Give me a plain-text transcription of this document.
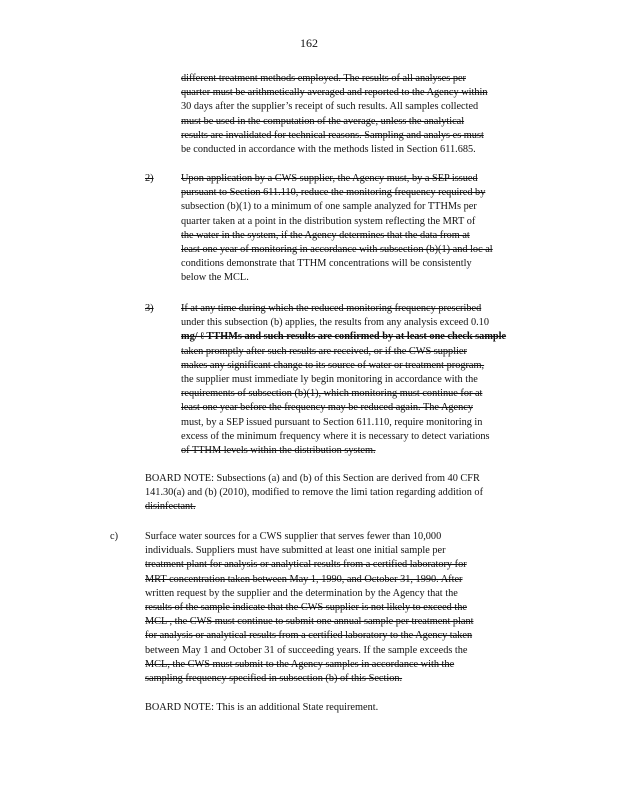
162
different treatment methods employed. The results of all analyses per
quarter must be arithmetically averaged and reported to the Agency within
30 days after the supplier’s receipt of such results. All samples collected
must be used in the computation of the average, unless the analytical
results are invalidated for technical reasons. Sampling and analys es must
be conducted in accordance with the methods listed in Section 611.685.
2)	Upon application by a CWS supplier, the Agency must, by a SEP issued
pursuant to Section 611.110, reduce the monitoring frequency required by
subsection (b)(1) to a minimum of one sample analyzed for TTHMs per
quarter taken at a point in the distribution system reflecting the MRT of
the water in the system, if the Agency determines that the data from at
least one year of monitoring in accordance with subsection (b)(1) and loc al
conditions demonstrate that TTHM concentrations will be consistently
below the MCL.
3)	If at any time during which the reduced monitoring frequency prescribed
under this subsection (b) applies, the results from any analysis exceed 0.10
mg/ ℓ TTHMs and such results are confirmed by at least one check sample
taken promptly after such results are received, or if the CWS supplier
makes any significant change to its source of water or treatment program,
the supplier must immediate ly begin monitoring in accordance with the
requirements of subsection (b)(1), which monitoring must continue for at
least one year before the frequency may be reduced again. The Agency
must, by a SEP issued pursuant to Section 611.110, require monitoring in
excess of the minimum frequency where it is necessary to detect variations
of TTHM levels within the distribution system.
BOARD NOTE: Subsections (a) and (b) of this Section are derived from 40 CFR
141.30(a) and (b) (2010), modified to remove the limi tation regarding addition of
disinfectant.
c)	Surface water sources for a CWS supplier that serves fewer than 10,000
individuals. Suppliers must have submitted at least one initial sample per
treatment plant for analysis or analytical results from a certified laboratory for
MRT concentration taken between May 1, 1990, and October 31, 1990. After
written request by the supplier and the determination by the Agency that the
results of the sample indicate that the CWS supplier is not likely to exceed the
MCL , the CWS must continue to submit one annual sample per treatment plant
for analysis or analytical results from a certified laboratory to the Agency taken
between May 1 and October 31 of succeeding years. If the sample exceeds the
MCL, the CWS must submit to the Agency samples in accordance with the
sampling frequency specified in subsection (b) of this Section.
BOARD NOTE: This is an additional State requirement.
